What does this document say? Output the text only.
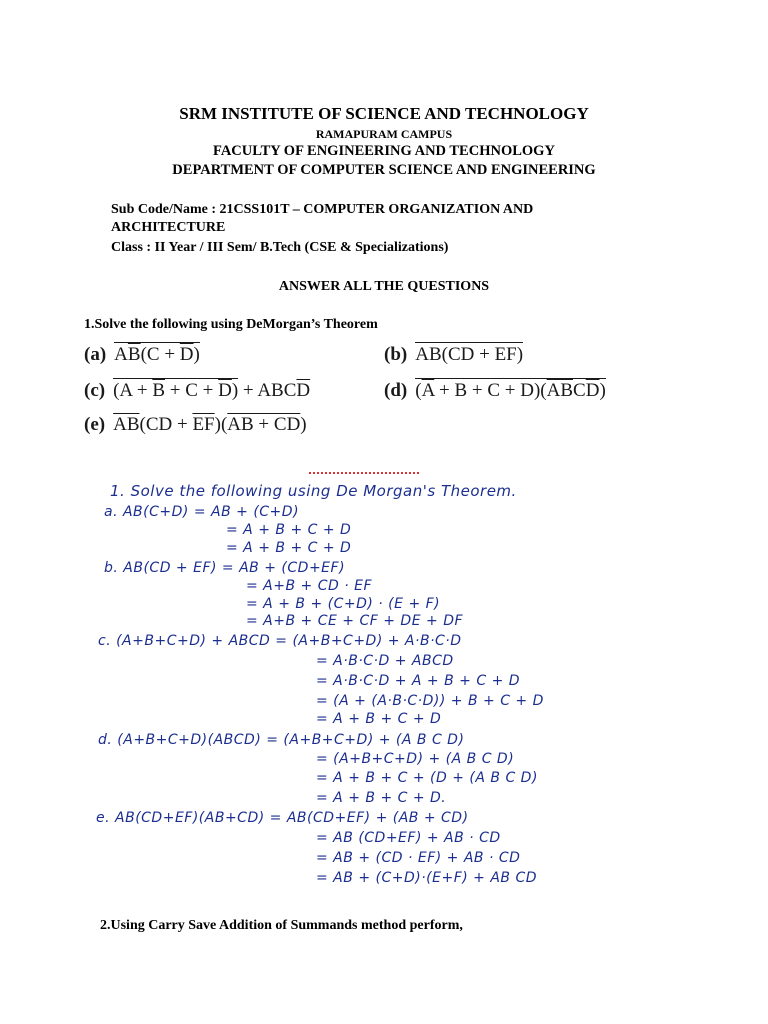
SRM INSTITUTE OF SCIENCE AND TECHNOLOGY
RAMAPURAM CAMPUS
FACULTY OF ENGINEERING AND TECHNOLOGY
DEPARTMENT OF COMPUTER SCIENCE AND ENGINEERING
Sub Code/Name : 21CSS101T – COMPUTER ORGANIZATION AND
ARCHITECTURE
Class : II Year / III Sem/ B.Tech (CSE & Specializations)
ANSWER ALL THE QUESTIONS
1.Solve the following using DeMorgan’s Theorem
(a) $A\overline{B}(C + \overline{D})$	(b) AB(CD + EF)
(c) $(A + \overline{B} + C + \overline{D}) + ABC\overline{D}$	(d) $(\overline{A} + B + C + D)(\overline{AB}C\overline{D})$
(e) $\overline{AB}(CD + \overline{EF})(AB + CD)$
1. Solve the following using De Morgan's Theorem.
a. AB(C+D) = AB + (C+D)
= A + B + C + D
= A + B + C + D
b. AB(CD + EF) = AB + (CD+EF)
= A+B + CD · EF
= A + B + (C+D) · (E + F)
= A+B + CE + CF + DE + DF
c. (A+B+C+D) + ABCD = (A+B+C+D) + A·B·C·D
= A·B·C·D + ABCD
= A·B·C·D + A + B + C + D
= (A + (A·B·C·D)) + B + C + D
= A + B + C + D
d. (A+B+C+D)(ABCD) = (A+B+C+D) + (A B C D)
= (A+B+C+D) + (A B C D)
= A + B + C + (D + (A B C D)
= A + B + C + D.
e. AB(CD+EF)(AB+CD) = AB(CD+EF) + (AB + CD)
= AB (CD+EF) + AB · CD
= AB + (CD · EF) + AB · CD
= AB + (C+D)·(E+F) + AB CD
2.Using Carry Save Addition of Summands method perform,
